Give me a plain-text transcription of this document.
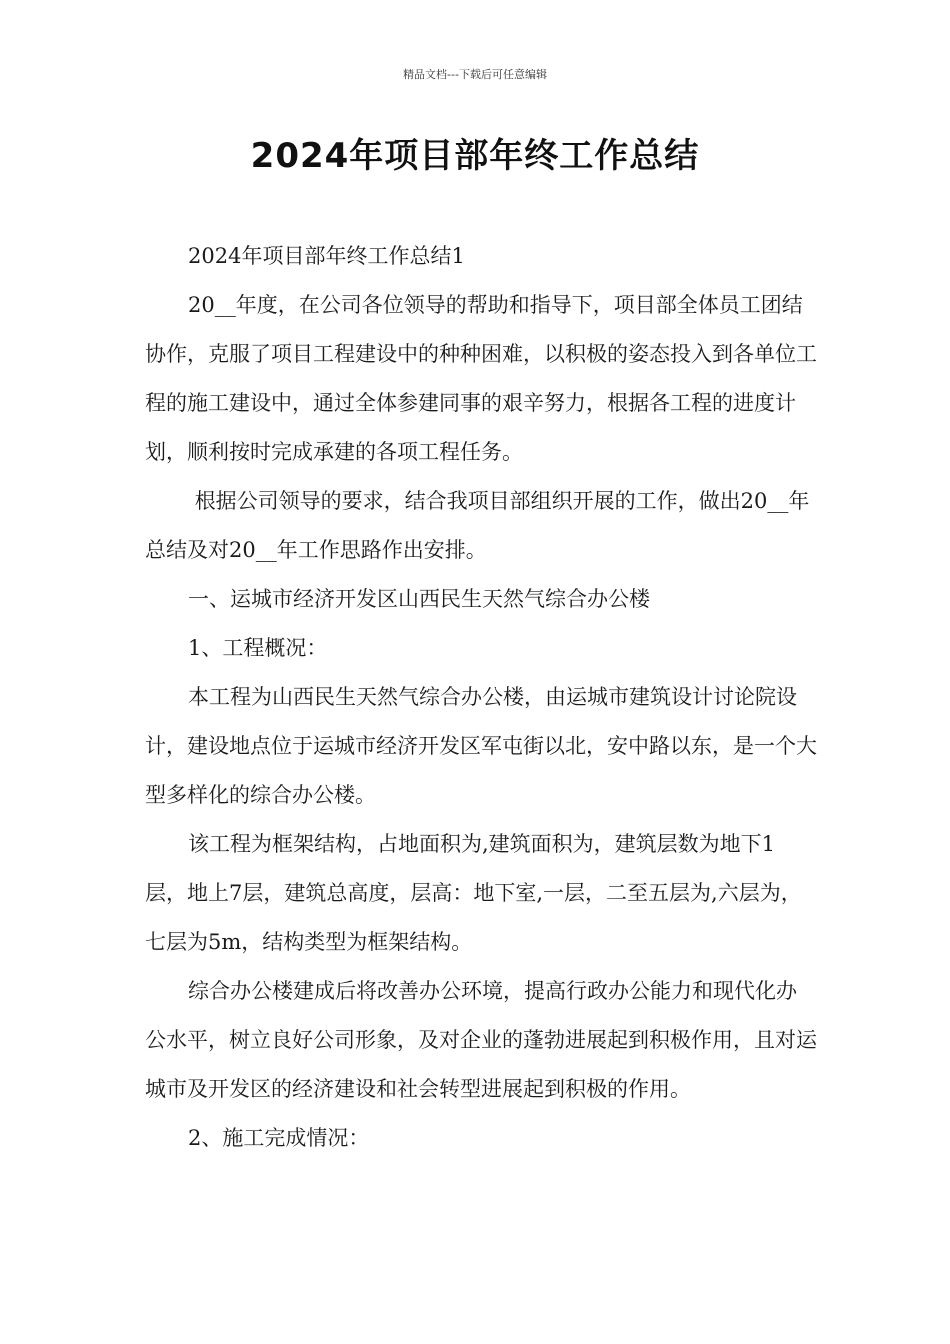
精品文档---下载后可任意编辑
2024年项目部年终工作总结

2024年项目部年终工作总结1

20__年度，在公司各位领导的帮助和指导下，项目部全体员工团结协作，克服了项目工程建设中的种种困难，以积极的姿态投入到各单位工程的施工建设中，通过全体参建同事的艰辛努力，根据各工程的进度计划，顺利按时完成承建的各项工程任务。

根据公司领导的要求，结合我项目部组织开展的工作，做出20__年总结及对20__年工作思路作出安排。

一、运城市经济开发区山西民生天然气综合办公楼

1、工程概况：

本工程为山西民生天然气综合办公楼，由运城市建筑设计讨论院设计，建设地点位于运城市经济开发区军屯街以北，安中路以东，是一个大型多样化的综合办公楼。

该工程为框架结构，占地面积为,建筑面积为，建筑层数为地下1层，地上7层，建筑总高度，层高：地下室,一层，二至五层为,六层为，七层为5m，结构类型为框架结构。

综合办公楼建成后将改善办公环境，提高行政办公能力和现代化办公水平，树立良好公司形象，及对企业的蓬勃进展起到积极作用，且对运城市及开发区的经济建设和社会转型进展起到积极的作用。

2、施工完成情况：
